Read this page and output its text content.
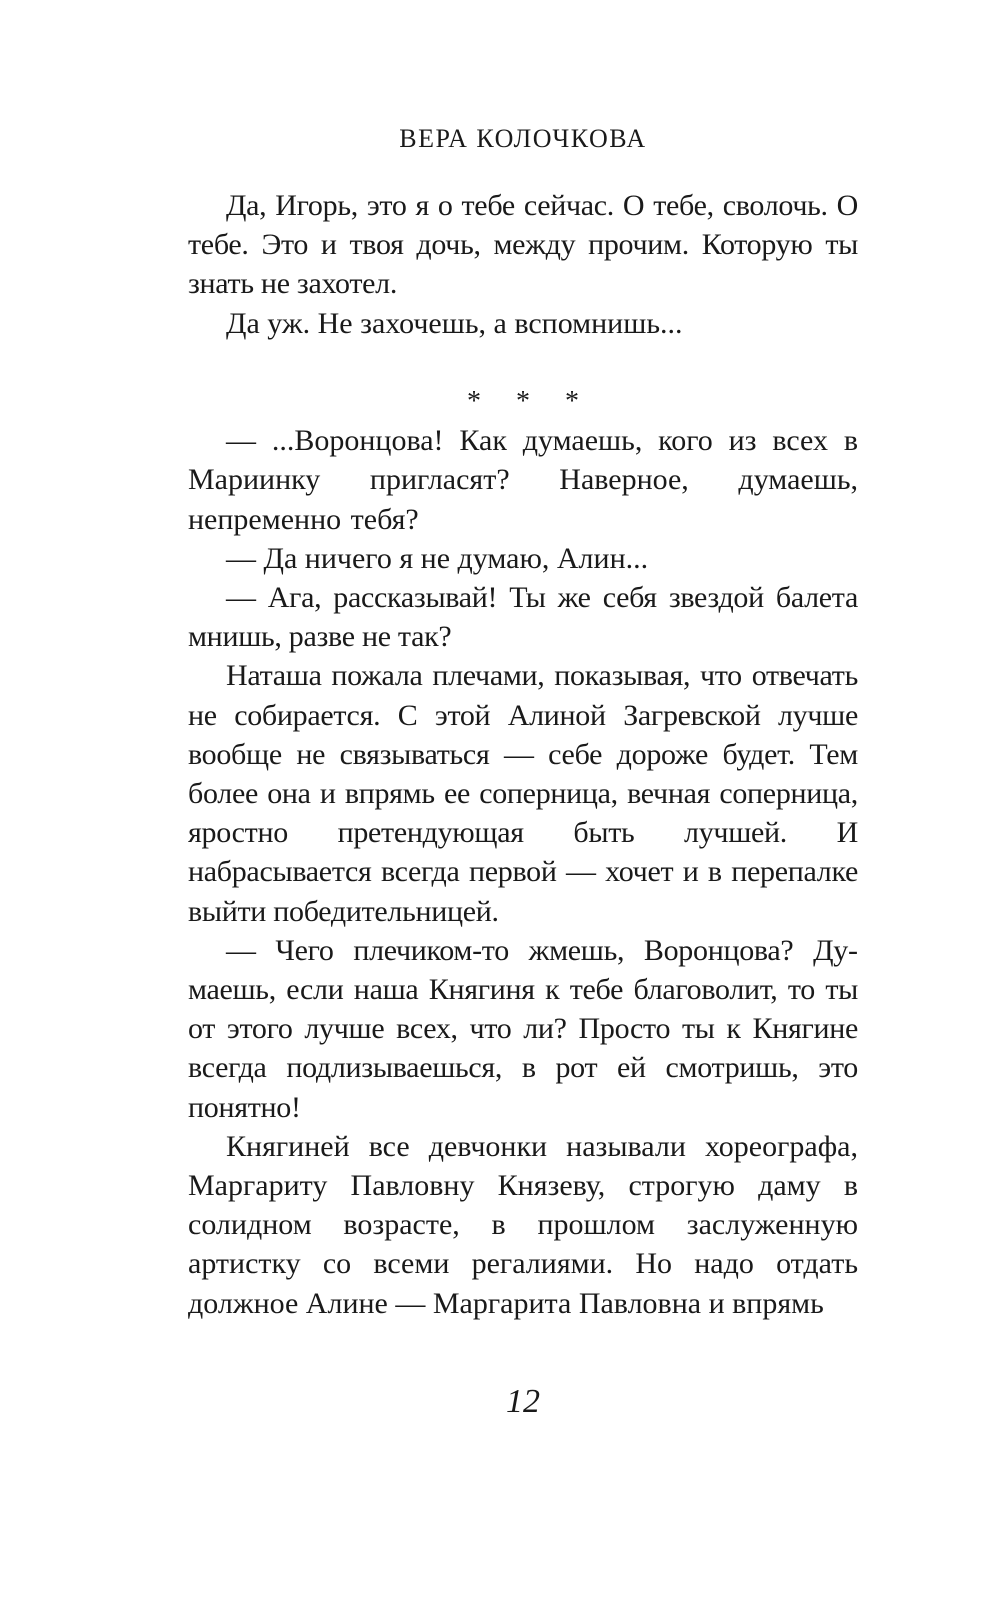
ВЕРА КОЛОЧКОВА

Да, Игорь, это я о тебе сейчас. О тебе, сволочь. О тебе. Это и твоя дочь, между прочим. Которую ты знать не захотел.

Да уж. Не захочешь, а вспомнишь...

* * *

— ...Воронцова! Как думаешь, кого из всех в Мариинку пригласят? Наверное, думаешь, непременно тебя?

— Да ничего я не думаю, Алин...

— Ага, рассказывай! Ты же себя звездой балета мнишь, разве не так?

Наташа пожала плечами, показывая, что отвечать не собирается. С этой Алиной Загревской лучше вообще не связываться — себе дороже будет. Тем более она и впрямь ее соперница, вечная соперница, яростно претендующая быть лучшей. И набрасывается всегда первой — хочет и в перепалке выйти победительницей.

— Чего плечиком-то жмешь, Воронцова? Думаешь, если наша Княгиня к тебе благоволит, то ты от этого лучше всех, что ли? Просто ты к Княгине всегда подлизываешься, в рот ей смотришь, это понятно!

Княгиней все девчонки называли хореографа, Маргариту Павловну Князеву, строгую даму в солидном возрасте, в прошлом заслуженную артистку со всеми регалиями. Но надо отдать должное Алине — Маргарита Павловна и впрямь

12
